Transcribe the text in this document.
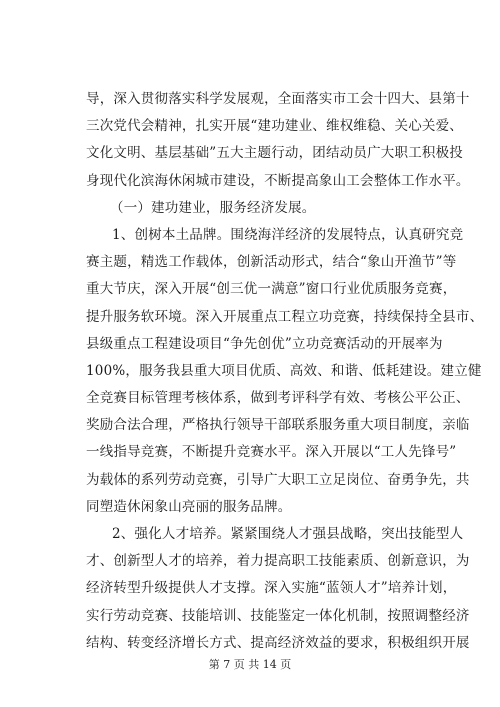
导，深入贯彻落实科学发展观，全面落实市工会十四大、县第十
三次党代会精神，扎实开展“建功建业、维权维稳、关心关爱、
文化文明、基层基础”五大主题行动，团结动员广大职工积极投
身现代化滨海休闲城市建设，不断提高象山工会整体工作水平。
（一）建功建业，服务经济发展。
1、创树本土品牌。围绕海洋经济的发展特点，认真研究竞
赛主题，精选工作载体，创新活动形式，结合“象山开渔节”等
重大节庆，深入开展“创三优一满意”窗口行业优质服务竞赛，
提升服务软环境。深入开展重点工程立功竞赛，持续保持全县市、
县级重点工程建设项目“争先创优”立功竞赛活动的开展率为
100%，服务我县重大项目优质、高效、和谐、低耗建设。建立健
全竞赛目标管理考核体系，做到考评科学有效、考核公平公正、
奖励合法合理，严格执行领导干部联系服务重大项目制度，亲临
一线指导竞赛，不断提升竞赛水平。深入开展以“工人先锋号”
为载体的系列劳动竞赛，引导广大职工立足岗位、奋勇争先，共
同塑造休闲象山亮丽的服务品牌。
2、强化人才培养。紧紧围绕人才强县战略，突出技能型人
才、创新型人才的培养，着力提高职工技能素质、创新意识，为
经济转型升级提供人才支撑。深入实施“蓝领人才”培养计划，
实行劳动竞赛、技能培训、技能鉴定一体化机制，按照调整经济
结构、转变经济增长方式、提高经济效益的要求，积极组织开展
第 7 页 共 14 页
